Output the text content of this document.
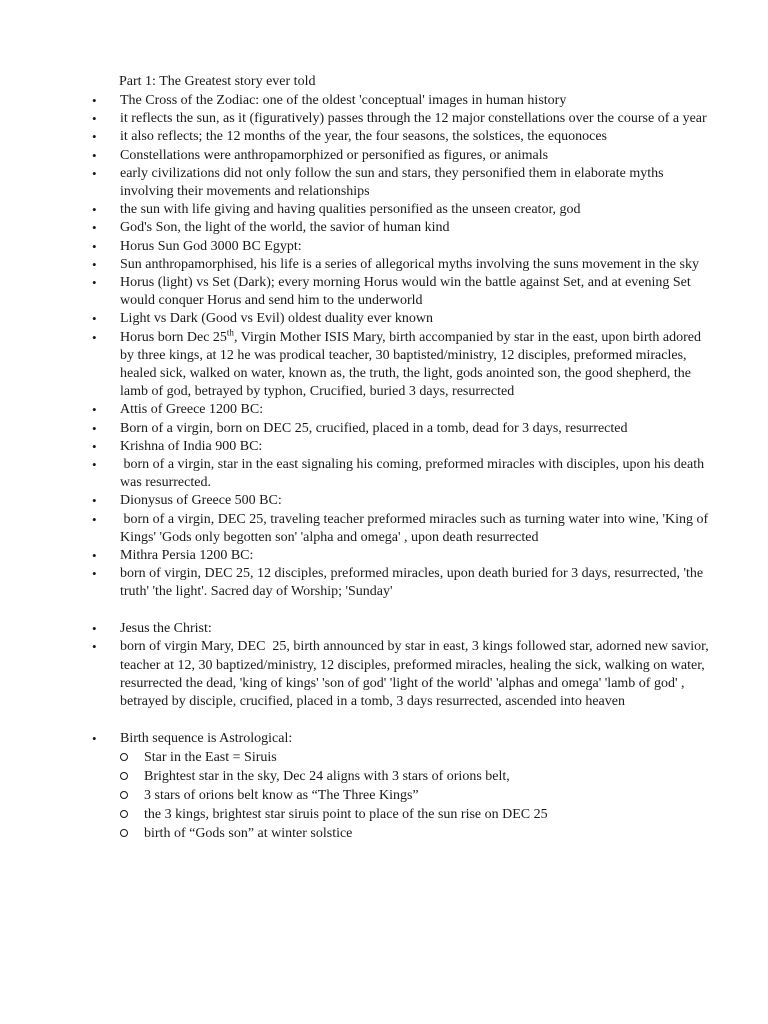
Part 1: The Greatest story ever told
•	The Cross of the Zodiac: one of the oldest 'conceptual' images in human history
•	it reflects the sun, as it (figuratively) passes through the 12 major constellations over the course of a year
•	it also reflects; the 12 months of the year, the four seasons, the solstices, the equonoces
•	Constellations were anthropamorphized or personified as figures, or animals
•	early civilizations did not only follow the sun and stars, they personified them in elaborate myths involving their movements and relationships
•	the sun with life giving and having qualities personified as the unseen creator, god
•	God's Son, the light of the world, the savior of human kind
•	Horus Sun God 3000 BC Egypt:
•	Sun anthropamorphised, his life is a series of allegorical myths involving the suns movement in the sky
•	Horus (light) vs Set (Dark); every morning Horus would win the battle against Set, and at evening Set would conquer Horus and send him to the underworld
•	Light vs Dark (Good vs Evil) oldest duality ever known
•	Horus born Dec 25th, Virgin Mother ISIS Mary, birth accompanied by star in the east, upon birth adored by three kings, at 12 he was prodical teacher, 30 baptisted/ministry, 12 disciples, preformed miracles, healed sick, walked on water, known as, the truth, the light, gods anointed son, the good shepherd, the lamb of god, betrayed by typhon, Crucified, buried 3 days, resurrected
•	Attis of Greece 1200 BC:
•	Born of a virgin, born on DEC 25, crucified, placed in a tomb, dead for 3 days, resurrected
•	Krishna of India 900 BC:
•	born of a virgin, star in the east signaling his coming, preformed miracles with disciples, upon his death was resurrected.
•	Dionysus of Greece 500 BC:
•	born of a virgin, DEC 25, traveling teacher preformed miracles such as turning water into wine, 'King of Kings' 'Gods only begotten son' 'alpha and omega' , upon death resurrected
•	Mithra Persia 1200 BC:
•	born of virgin, DEC 25, 12 disciples, preformed miracles, upon death buried for 3 days, resurrected, 'the truth' 'the light'. Sacred day of Worship; 'Sunday'
•	Jesus the Christ:
•	born of virgin Mary, DEC  25, birth announced by star in east, 3 kings followed star, adorned new savior, teacher at 12, 30 baptized/ministry, 12 disciples, preformed miracles, healing the sick, walking on water, resurrected the dead, 'king of kings' 'son of god' 'light of the world' 'alphas and omega' 'lamb of god' , betrayed by disciple, crucified, placed in a tomb, 3 days resurrected, ascended into heaven
•	Birth sequence is Astrological:
Star in the East = Siruis
Brightest star in the sky, Dec 24 aligns with 3 stars of orions belt,
3 stars of orions belt know as “The Three Kings”
the 3 kings, brightest star siruis point to place of the sun rise on DEC 25
birth of “Gods son” at winter solstice
